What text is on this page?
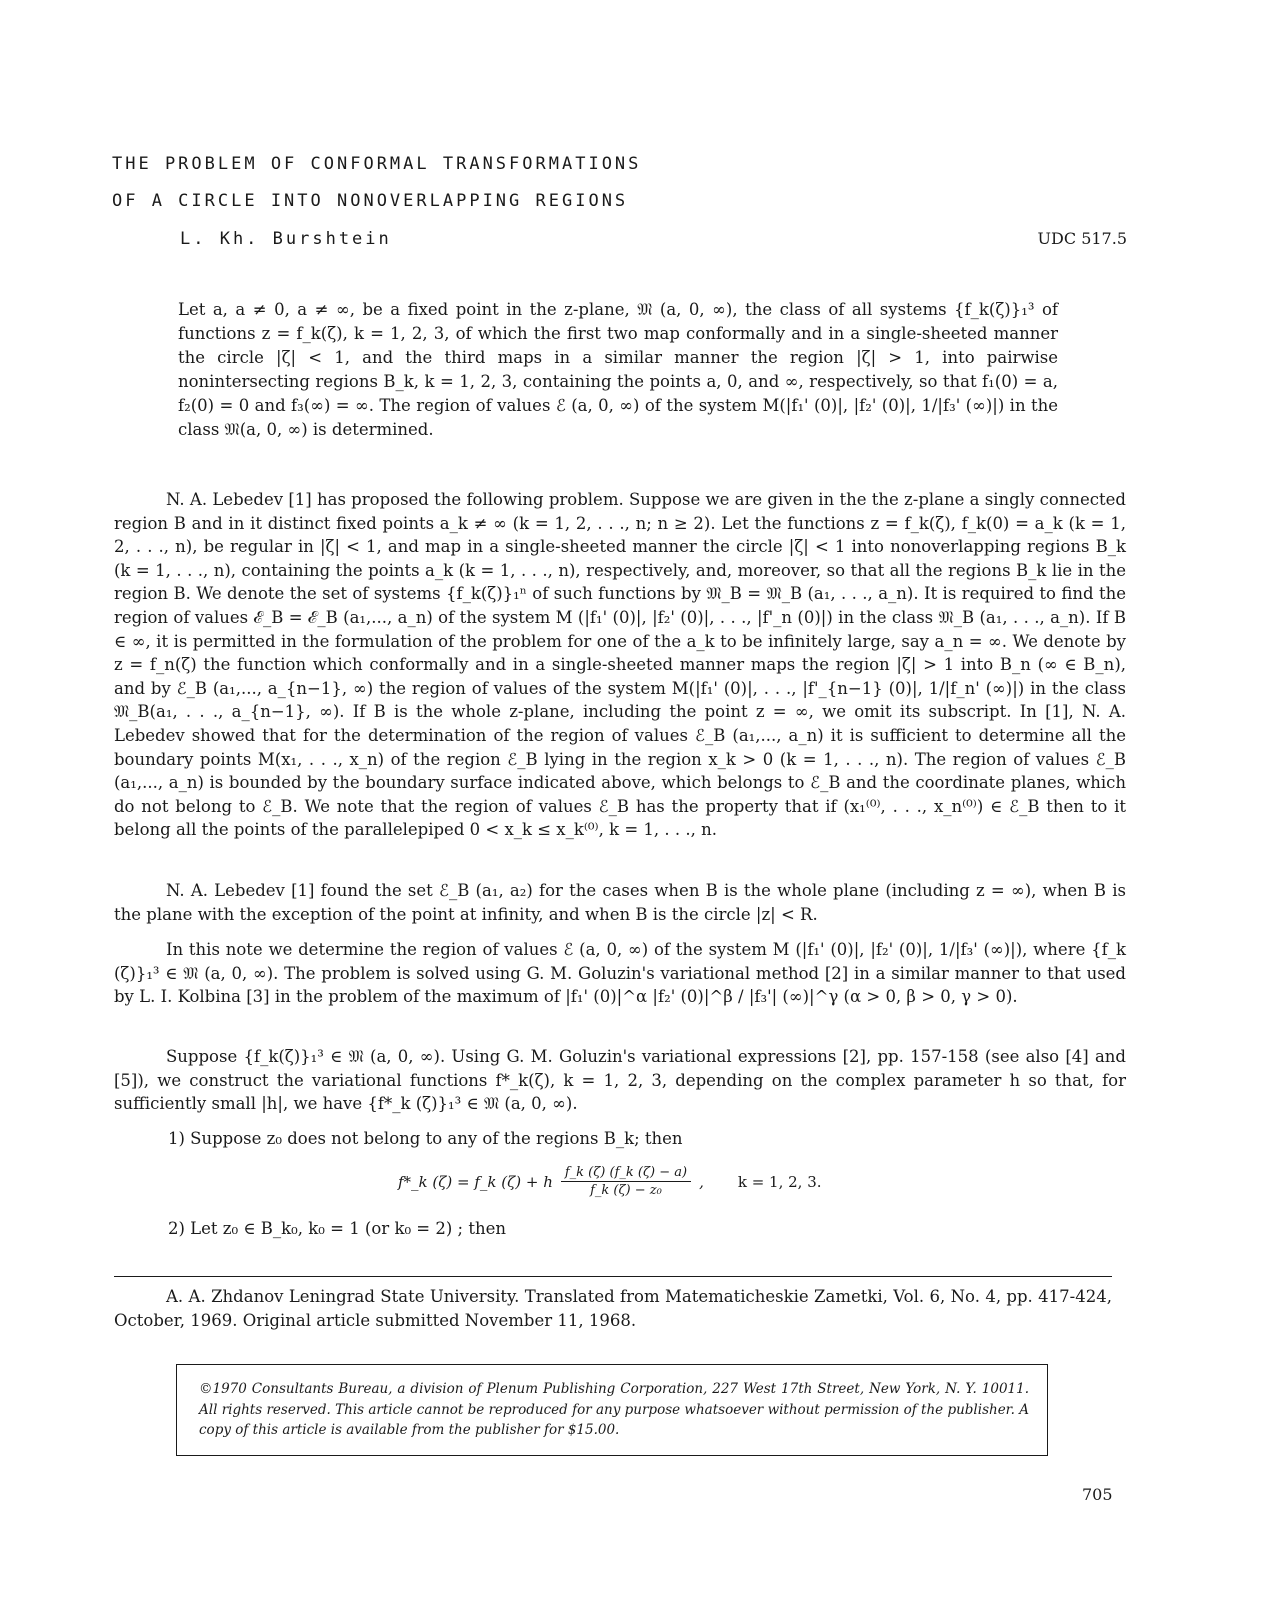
THE PROBLEM OF CONFORMAL TRANSFORMATIONS
OF A CIRCLE INTO NONOVERLAPPING REGIONS
L. Kh. Burshtein	UDC 517.5
Let a, a ≠ 0, a ≠ ∞, be a fixed point in the z-plane, 𝔐 (a, 0, ∞), the class of all systems {f_k(ζ)}₁³ of functions z = f_k(ζ), k = 1, 2, 3, of which the first two map conformally and in a single-sheeted manner the circle |ζ| < 1, and the third maps in a similar manner the region |ζ| > 1, into pairwise nonintersecting regions B_k, k = 1, 2, 3, containing the points a, 0, and ∞, respectively, so that f₁(0) = a, f₂(0) = 0 and f₃(∞) = ∞. The region of values ℰ (a, 0, ∞) of the system M(|f₁' (0)|, |f₂' (0)|, 1/|f₃' (∞)|) in the class 𝔐(a, 0, ∞) is determined.

N. A. Lebedev [1] has proposed the following problem. Suppose we are given in the the z-plane a singly connected region B and in it distinct fixed points a_k ≠ ∞ (k = 1, 2, . . ., n; n ≥ 2). Let the functions z = f_k(ζ), f_k(0) = a_k (k = 1, 2, . . ., n), be regular in |ζ| < 1, and map in a single-sheeted manner the circle |ζ| < 1 into nonoverlapping regions B_k (k = 1, . . ., n), containing the points a_k (k = 1, . . ., n), respectively, and, moreover, so that all the regions B_k lie in the region B. We denote the set of systems {f_k(ζ)}₁ⁿ of such functions by 𝔐_B = 𝔐_B (a₁, . . ., a_n). It is required to find the region of values ℰ_B = ℰ_B (a₁,..., a_n) of the system M (|f₁' (0)|, |f₂' (0)|, . . ., |f'_n (0)|) in the class 𝔐_B (a₁, . . ., a_n). If B ∈ ∞, it is permitted in the formulation of the problem for one of the a_k to be infinitely large, say a_n = ∞. We denote by z = f_n(ζ) the function which conformally and in a single-sheeted manner maps the region |ζ| > 1 into B_n (∞ ∈ B_n), and by ℰ_B (a₁,..., a_{n−1}, ∞) the region of values of the system M(|f₁' (0)|, . . ., |f'_{n−1} (0)|, 1/|f_n' (∞)|) in the class 𝔐_B(a₁, . . ., a_{n−1}, ∞). If B is the whole z-plane, including the point z = ∞, we omit its subscript. In [1], N. A. Lebedev showed that for the determination of the region of values ℰ_B (a₁,..., a_n) it is sufficient to determine all the boundary points M(x₁, . . ., x_n) of the region ℰ_B lying in the region x_k > 0 (k = 1, . . ., n). The region of values ℰ_B (a₁,..., a_n) is bounded by the boundary surface indicated above, which belongs to ℰ_B and the coordinate planes, which do not belong to ℰ_B. We note that the region of values ℰ_B has the property that if (x₁⁽⁰⁾, . . ., x_n⁽⁰⁾) ∈ ℰ_B then to it belong all the points of the parallelepiped 0 < x_k ≤ x_k⁽⁰⁾, k = 1, . . ., n.

N. A. Lebedev [1] found the set ℰ_B (a₁, a₂) for the cases when B is the whole plane (including z = ∞), when B is the plane with the exception of the point at infinity, and when B is the circle |z| < R.

In this note we determine the region of values ℰ (a, 0, ∞) of the system M (|f₁' (0)|, |f₂' (0)|, 1/|f₃' (∞)|), where {f_k (ζ)}₁³ ∈ 𝔐 (a, 0, ∞). The problem is solved using G. M. Goluzin's variational method [2] in a similar manner to that used by L. I. Kolbina [3] in the problem of the maximum of |f₁' (0)|^α |f₂' (0)|^β / |f₃'| (∞)|^γ (α > 0, β > 0, γ > 0).

Suppose {f_k(ζ)}₁³ ∈ 𝔐 (a, 0, ∞). Using G. M. Goluzin's variational expressions [2], pp. 157-158 (see also [4] and [5]), we construct the variational functions f*_k(ζ), k = 1, 2, 3, depending on the complex parameter h so that, for sufficiently small |h|, we have {f*_k (ζ)}₁³ ∈ 𝔐 (a, 0, ∞).

1) Suppose z₀ does not belong to any of the regions B_k; then
f*_k (ζ) = f_k (ζ) + h $\frac{f\_k (\zeta) (f\_k (\zeta) - a)}{\text{f\_k (ζ) − z₀}}$ , k = 1, 2, 3.
2) Let z₀ ∈ B_k₀, k₀ = 1 (or k₀ = 2) ; then
A. A. Zhdanov Leningrad State University. Translated from Matematicheskie Zametki, Vol. 6, No. 4, pp. 417-424, October, 1969. Original article submitted November 11, 1968.
©1970 Consultants Bureau, a division of Plenum Publishing Corporation, 227 West 17th Street, New York, N. Y. 10011. All rights reserved. This article cannot be reproduced for any purpose whatsoever without permission of the publisher. A copy of this article is available from the publisher for $15.00.
705
